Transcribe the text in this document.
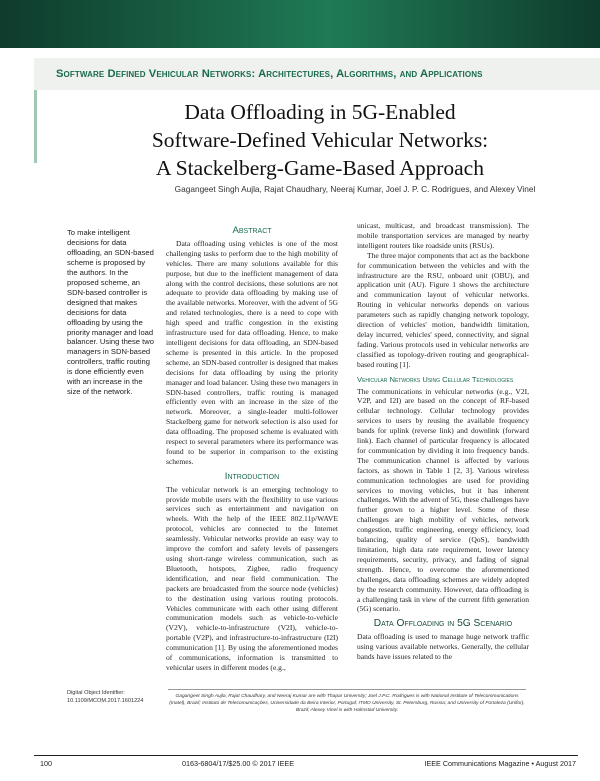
Software Defined Vehicular Networks: Architectures, Algorithms, and Applications
Data Offloading in 5G-Enabled
Software-Defined Vehicular Networks:
A Stackelberg-Game-Based Approach
Gagangeet Singh Aujla, Rajat Chaudhary, Neeraj Kumar, Joel J. P. C. Rodrigues, and Alexey Vinel
To make intelligent decisions for data offloading, an SDN-based scheme is proposed by the authors. In the proposed scheme, an SDN-based controller is designed that makes decisions for data offloading by using the priority manager and load balancer. Using these two managers in SDN-based controllers, traffic routing is done efficiently even with an increase in the size of the network.
Digital Object Identifier: 10.1109/MCOM.2017.1601224
Abstract

Data offloading using vehicles is one of the most challenging tasks to perform due to the high mobility of vehicles. There are many solutions available for this purpose, but due to the inefficient management of data along with the control decisions, these solutions are not adequate to provide data offloading by making use of the available networks. Moreover, with the advent of 5G and related technologies, there is a need to cope with high speed and traffic congestion in the existing infrastructure used for data offloading. Hence, to make intelligent decisions for data offloading, an SDN-based scheme is presented in this article. In the proposed scheme, an SDN-based controller is designed that makes decisions for data offloading by using the priority manager and load balancer. Using these two managers in SDN-based controllers, traffic routing is managed efficiently even with an increase in the size of the network. Moreover, a single-leader multi-follower Stackelberg game for network selection is also used for data offloading. The proposed scheme is evaluated with respect to several parameters where its performance was found to be superior in comparison to the existing schemes.

Introduction

The vehicular network is an emerging technology to provide mobile users with the flexibility to use various services such as entertainment and navigation on wheels. With the help of the IEEE 802.11p/WAVE protocol, vehicles are connected to the Internet seamlessly. Vehicular networks provide an easy way to improve the comfort and safety levels of passengers using short-range wireless communication, such as Bluetooth, hotspots, Zigbee, radio frequency identification, and near field communication. The packets are broadcasted from the source node (vehicles) to the destination using various routing protocols. Vehicles communicate with each other using different communication models such as vehicle-to-vehicle (V2V), vehicle-to-infrastructure (V2I), vehicle-to-portable (V2P), and infrastructure-to-infrastructure (I2I) communication [1]. By using the aforementioned modes of communications, information is transmitted to vehicular users in different modes (e.g.,

unicast, multicast, and broadcast transmission). The mobile transportation services are managed by nearby intelligent routers like roadside units (RSUs).

The three major components that act as the backbone for communication between the vehicles and with the infrastructure are the RSU, onboard unit (OBU), and application unit (AU). Figure 1 shows the architecture and communication layout of vehicular networks. Routing in vehicular networks depends on various parameters such as rapidly changing network topology, direction of vehicles' motion, bandwidth limitation, delay incurred, vehicles' speed, connectivity, and signal fading. Various protocols used in vehicular networks are classified as topology-driven routing and geographical-based routing [1].

Vehicular Networks Using Cellular Technologies

The communications in vehicular networks (e.g., V2I, V2P, and I2I) are based on the concept of RF-based cellular technology. Cellular technology provides services to users by reusing the available frequency bands for uplink (reverse link) and downlink (forward link). Each channel of particular frequency is allocated for communication by dividing it into frequency bands. The communication channel is affected by various factors, as shown in Table 1 [2, 3]. Various wireless communication technologies are used for providing services to moving vehicles, but it has inherent challenges. With the advent of 5G, these challenges have further grown to a higher level. Some of these challenges are high mobility of vehicles, network congestion, traffic engineering, energy efficiency, load balancing, quality of service (QoS), bandwidth limitation, high data rate requirement, lower latency requirements, security, privacy, and fading of signal strength. Hence, to overcome the aforementioned challenges, data offloading schemes are widely adopted by the research community. However, data offloading is a challenging task in view of the current fifth generation (5G) scenario.

Data Offloading in 5G Scenario

Data offloading is used to manage huge network traffic using various available networks. Generally, the cellular bands have issues related to the

Gagangeet Singh Aujla, Rajat Chaudhary, and Neeraj Kumar are with Thapar University; Joel J.P.C. Rodrigues is with National Institute of Telecommunications (Inatel), Brazil; Instituto de Telecomunicações, Universidade da Beira Interior, Portugal; ITMO University, St. Petersburg, Russia; and University of Fortaleza (Unifor), Brazil; Alexey Vinel is with Halmstad University.
100	0163-6804/17/$25.00 © 2017 IEEE	IEEE Communications Magazine • August 2017
